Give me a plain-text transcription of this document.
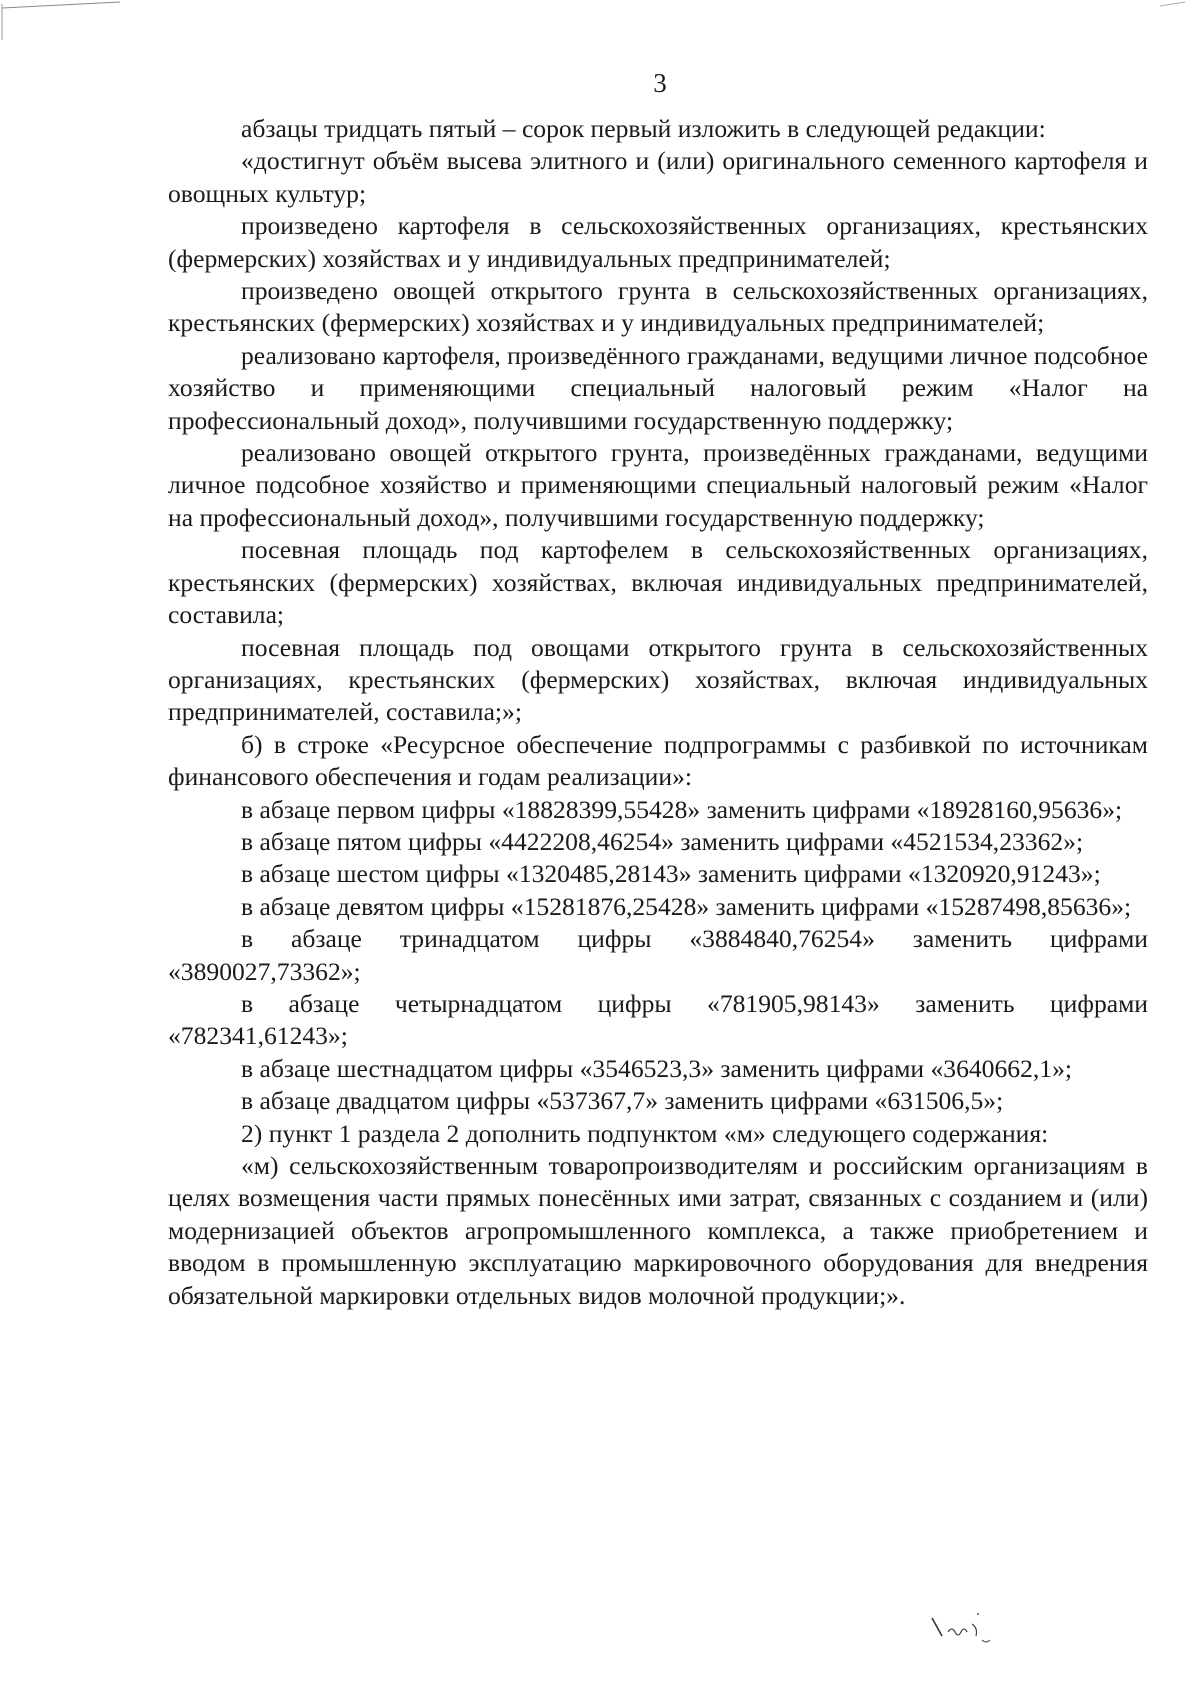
3

абзацы тридцать пятый – сорок первый изложить в следующей редакции:

«достигнут объём высева элитного и (или) оригинального семенного картофеля и овощных культур;

произведено картофеля в сельскохозяйственных организациях, крестьянских (фермерских) хозяйствах и у индивидуальных предпринимателей;

произведено овощей открытого грунта в сельскохозяйственных организациях, крестьянских (фермерских) хозяйствах и у индивидуальных предпринимателей;

реализовано картофеля, произведённого гражданами, ведущими личное подсобное хозяйство и применяющими специальный налоговый режим «Налог на профессиональный доход», получившими государственную поддержку;

реализовано овощей открытого грунта, произведённых гражданами, ведущими личное подсобное хозяйство и применяющими специальный налоговый режим «Налог на профессиональный доход», получившими государственную поддержку;

посевная площадь под картофелем в сельскохозяйственных организациях, крестьянских (фермерских) хозяйствах, включая индивидуальных предпринимателей, составила;

посевная площадь под овощами открытого грунта в сельскохозяйственных организациях, крестьянских (фермерских) хозяйствах, включая индивидуальных предпринимателей, составила;»;

б) в строке «Ресурсное обеспечение подпрограммы с разбивкой по источникам финансового обеспечения и годам реализации»:

в абзаце первом цифры «18828399,55428» заменить цифрами «18928160,95636»;

в абзаце пятом цифры «4422208,46254» заменить цифрами «4521534,23362»;

в абзаце шестом цифры «1320485,28143» заменить цифрами «1320920,91243»;

в абзаце девятом цифры «15281876,25428» заменить цифрами «15287498,85636»;

в абзаце тринадцатом цифры «3884840,76254» заменить цифрами «3890027,73362»;

в абзаце четырнадцатом цифры «781905,98143» заменить цифрами «782341,61243»;

в абзаце шестнадцатом цифры «3546523,3» заменить цифрами «3640662,1»;

в абзаце двадцатом цифры «537367,7» заменить цифрами «631506,5»;

2) пункт 1 раздела 2 дополнить подпунктом «м» следующего содержания:

«м) сельскохозяйственным товаропроизводителям и российским организациям в целях возмещения части прямых понесённых ими затрат, связанных с созданием и (или) модернизацией объектов агропромышленного комплекса, а также приобретением и вводом в промышленную эксплуатацию маркировочного оборудования для внедрения обязательной маркировки отдельных видов молочной продукции;».
